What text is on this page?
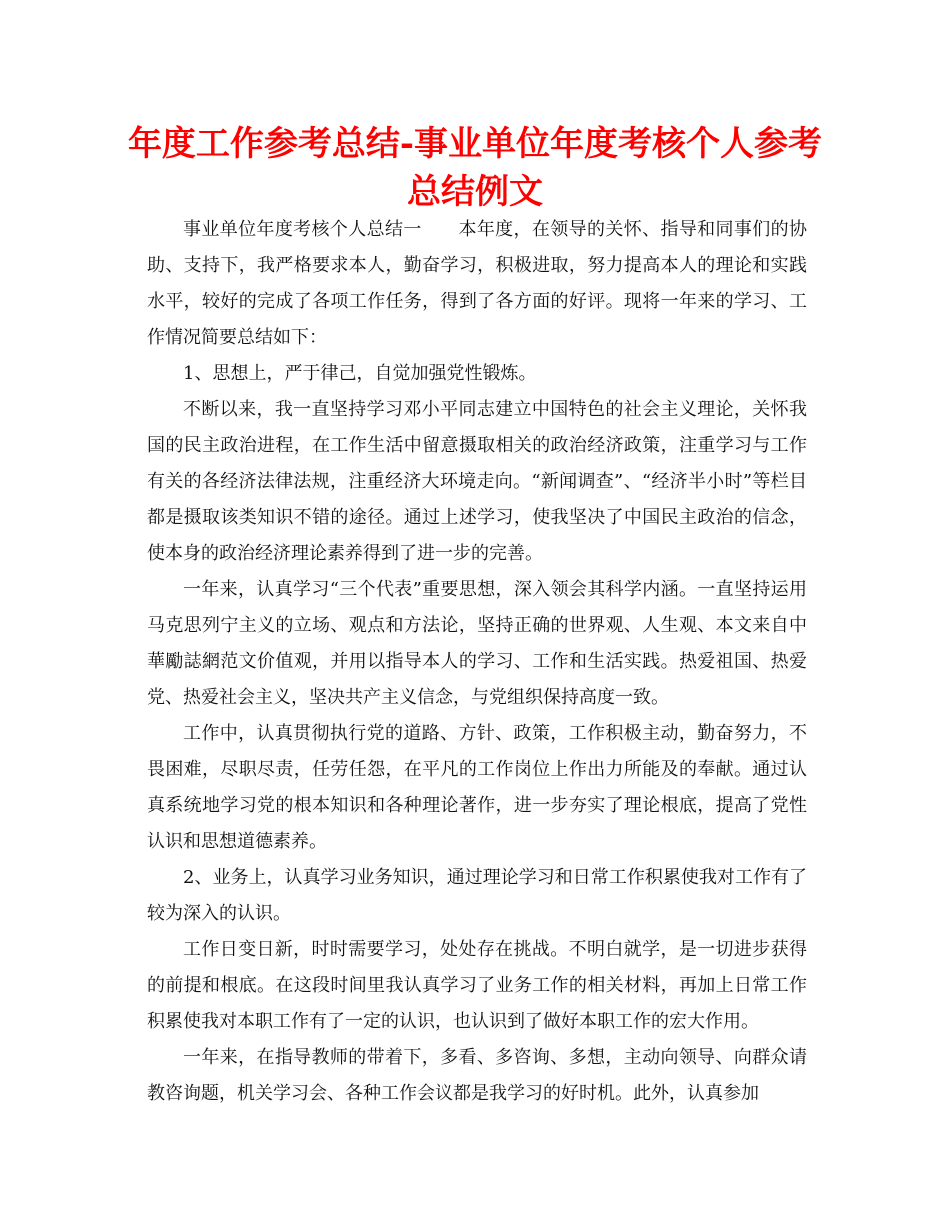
年度工作参考总结-事业单位年度考核个人参考总结例文

事业单位年度考核个人总结一　　本年度，在领导的关怀、指导和同事们的协助、支持下，我严格要求本人，勤奋学习，积极进取，努力提高本人的理论和实践水平，较好的完成了各项工作任务，得到了各方面的好评。现将一年来的学习、工作情况简要总结如下：

1、思想上，严于律己，自觉加强党性锻炼。

不断以来，我一直坚持学习邓小平同志建立中国特色的社会主义理论，关怀我国的民主政治进程，在工作生活中留意摄取相关的政治经济政策，注重学习与工作有关的各经济法律法规，注重经济大环境走向。“新闻调查”、“经济半小时”等栏目都是摄取该类知识不错的途径。通过上述学习，使我坚决了中国民主政治的信念，使本身的政治经济理论素养得到了进一步的完善。

一年来，认真学习“三个代表”重要思想，深入领会其科学内涵。一直坚持运用马克思列宁主义的立场、观点和方法论，坚持正确的世界观、人生观、本文来自中華勵誌網范文价值观，并用以指导本人的学习、工作和生活实践。热爱祖国、热爱党、热爱社会主义，坚决共产主义信念，与党组织保持高度一致。

工作中，认真贯彻执行党的道路、方针、政策，工作积极主动，勤奋努力，不畏困难，尽职尽责，任劳任怨，在平凡的工作岗位上作出力所能及的奉献。通过认真系统地学习党的根本知识和各种理论著作，进一步夯实了理论根底，提高了党性认识和思想道德素养。

2、业务上，认真学习业务知识，通过理论学习和日常工作积累使我对工作有了较为深入的认识。

工作日变日新，时时需要学习，处处存在挑战。不明白就学，是一切进步获得的前提和根底。在这段时间里我认真学习了业务工作的相关材料，再加上日常工作积累使我对本职工作有了一定的认识，也认识到了做好本职工作的宏大作用。

一年来，在指导教师的带着下，多看、多咨询、多想，主动向领导、向群众请教咨询题，机关学习会、各种工作会议都是我学习的好时机。此外，认真参加
